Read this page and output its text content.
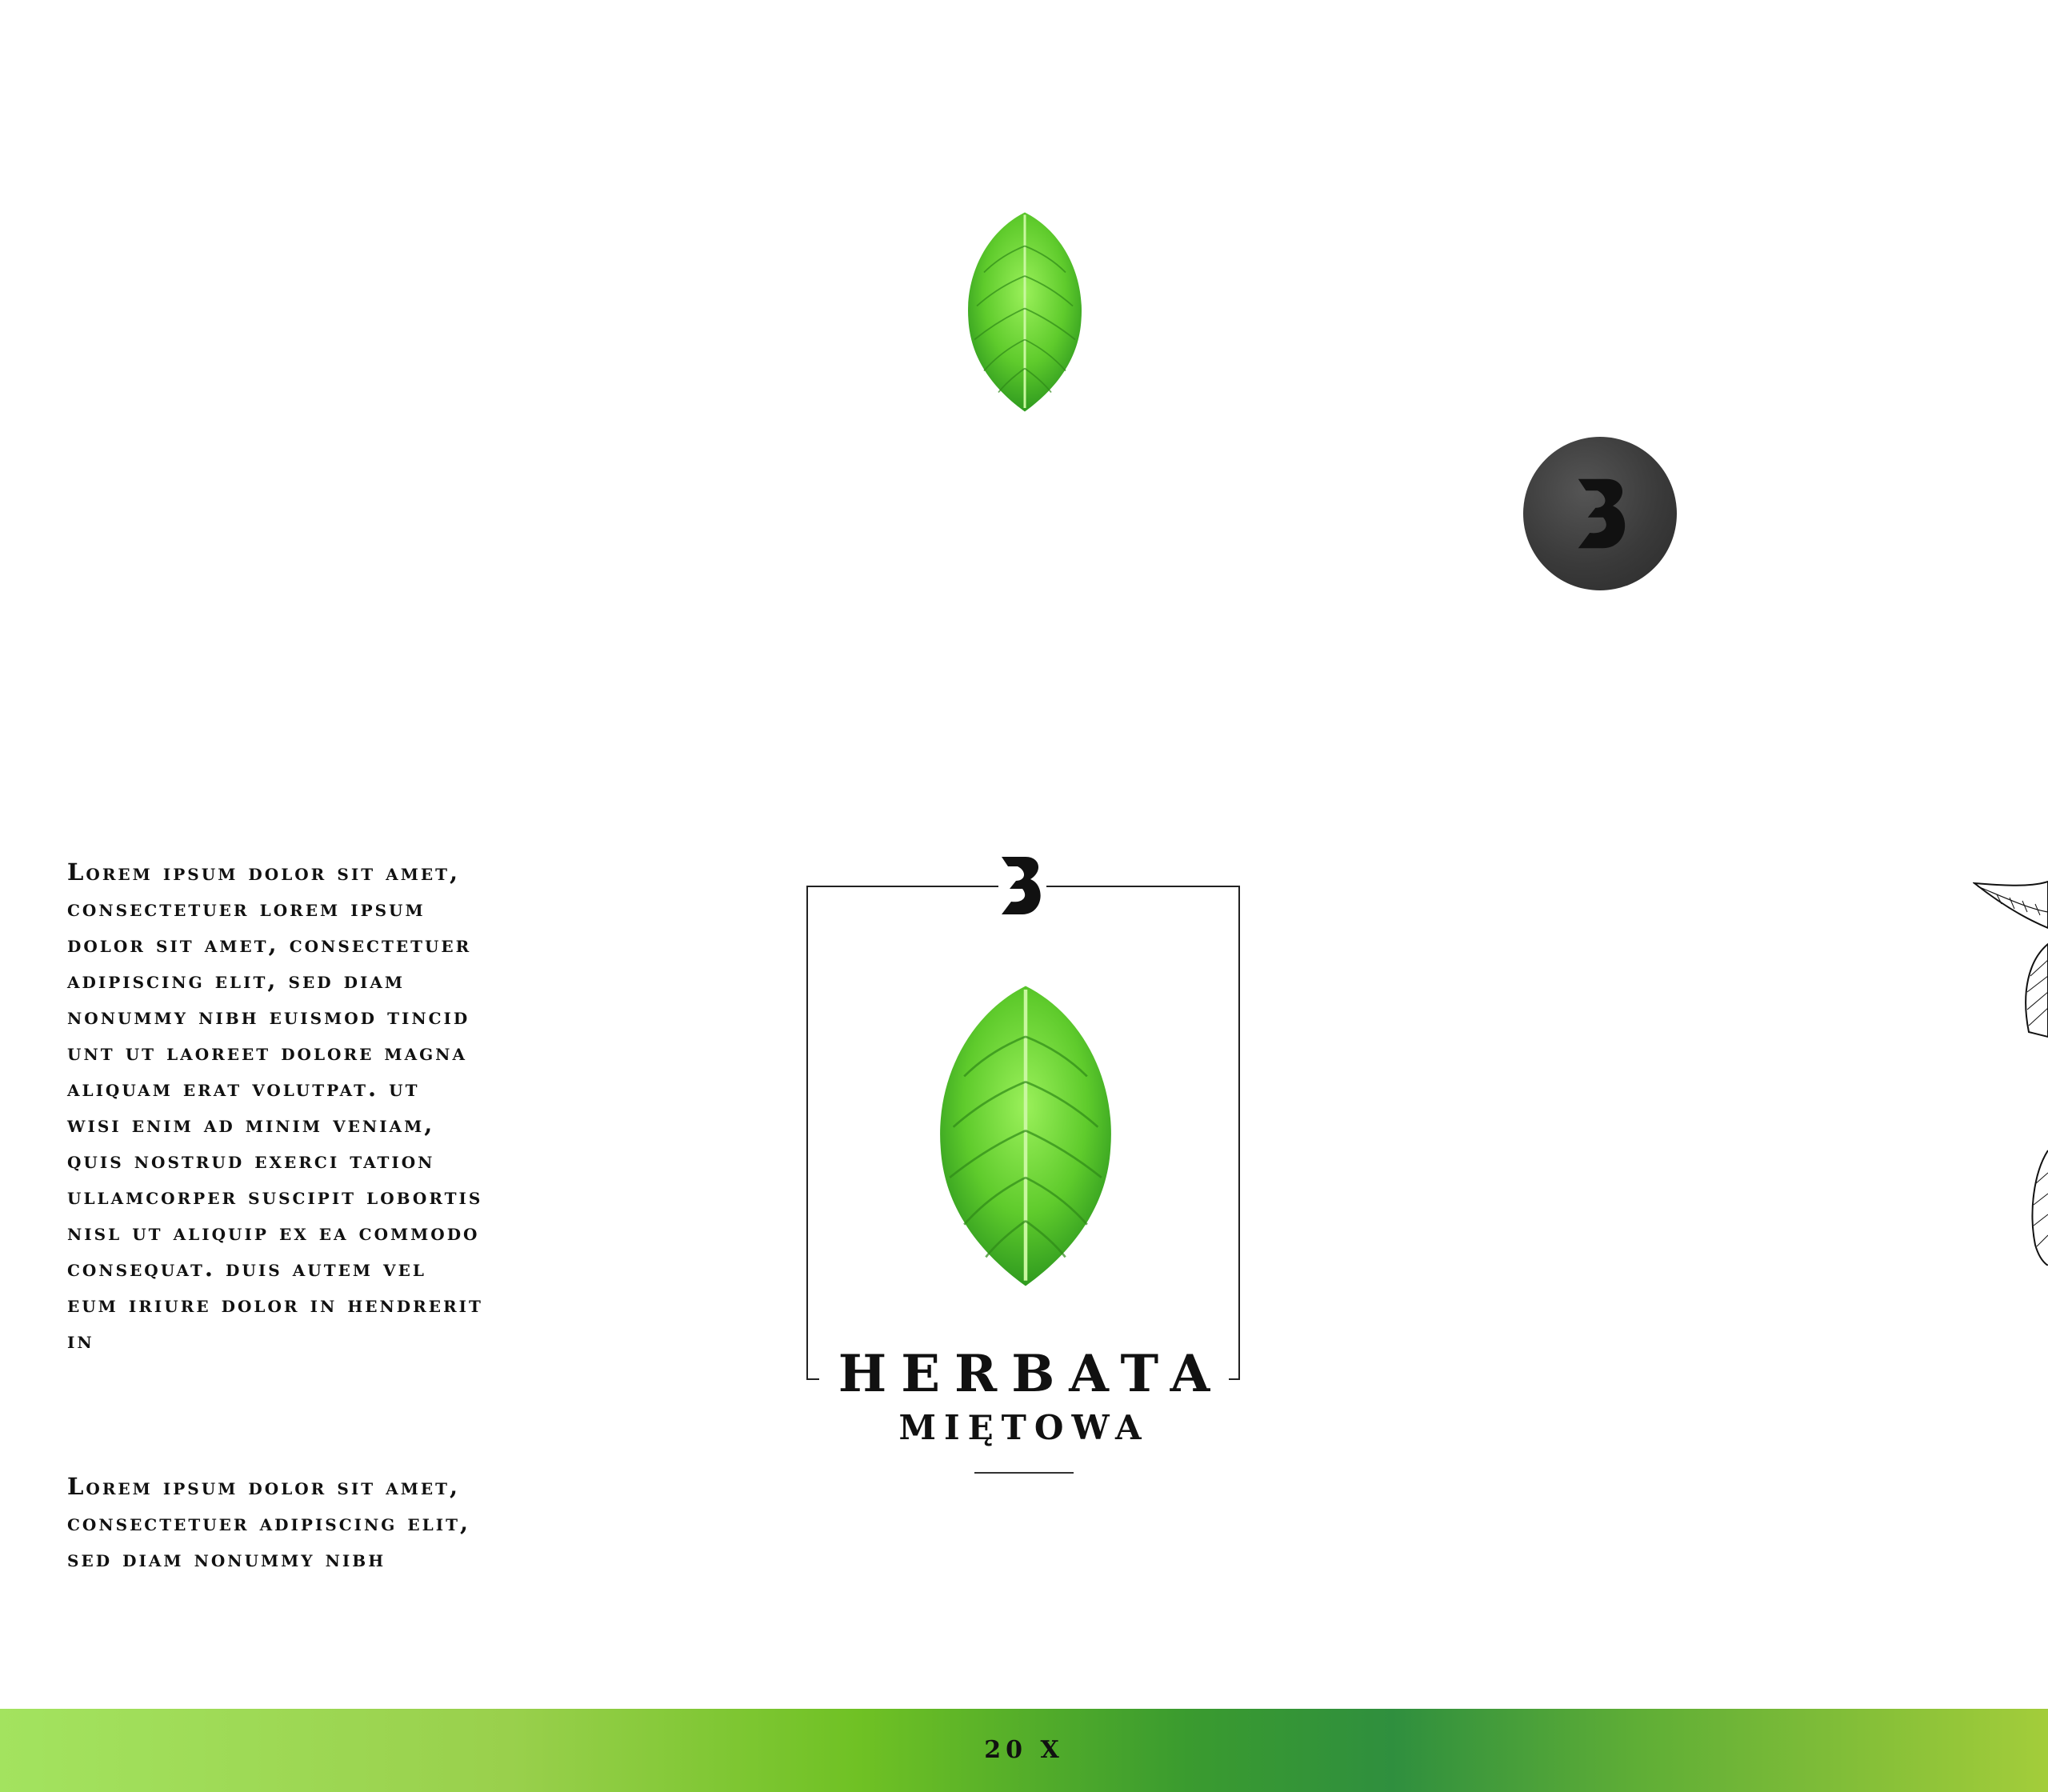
Lorem ipsum dolor sit amet, consectetuer lorem ipsum dolor sit amet, consectetuer adipiscing elit, sed diam nonummy nibh euismod tincid unt ut laoreet dolore magna aliquam erat volutpat. ut wisi enim ad minim veniam, quis nostrud exerci tation ullamcorper suscipit lobortis nisl ut aliquip ex ea commodo consequat. duis autem vel eum iriure dolor in hendrerit in
Lorem ipsum dolor sit amet, consectetuer adipiscing elit, sed diam nonummy nibh
HERBATA
MIĘTOWA
20 X
